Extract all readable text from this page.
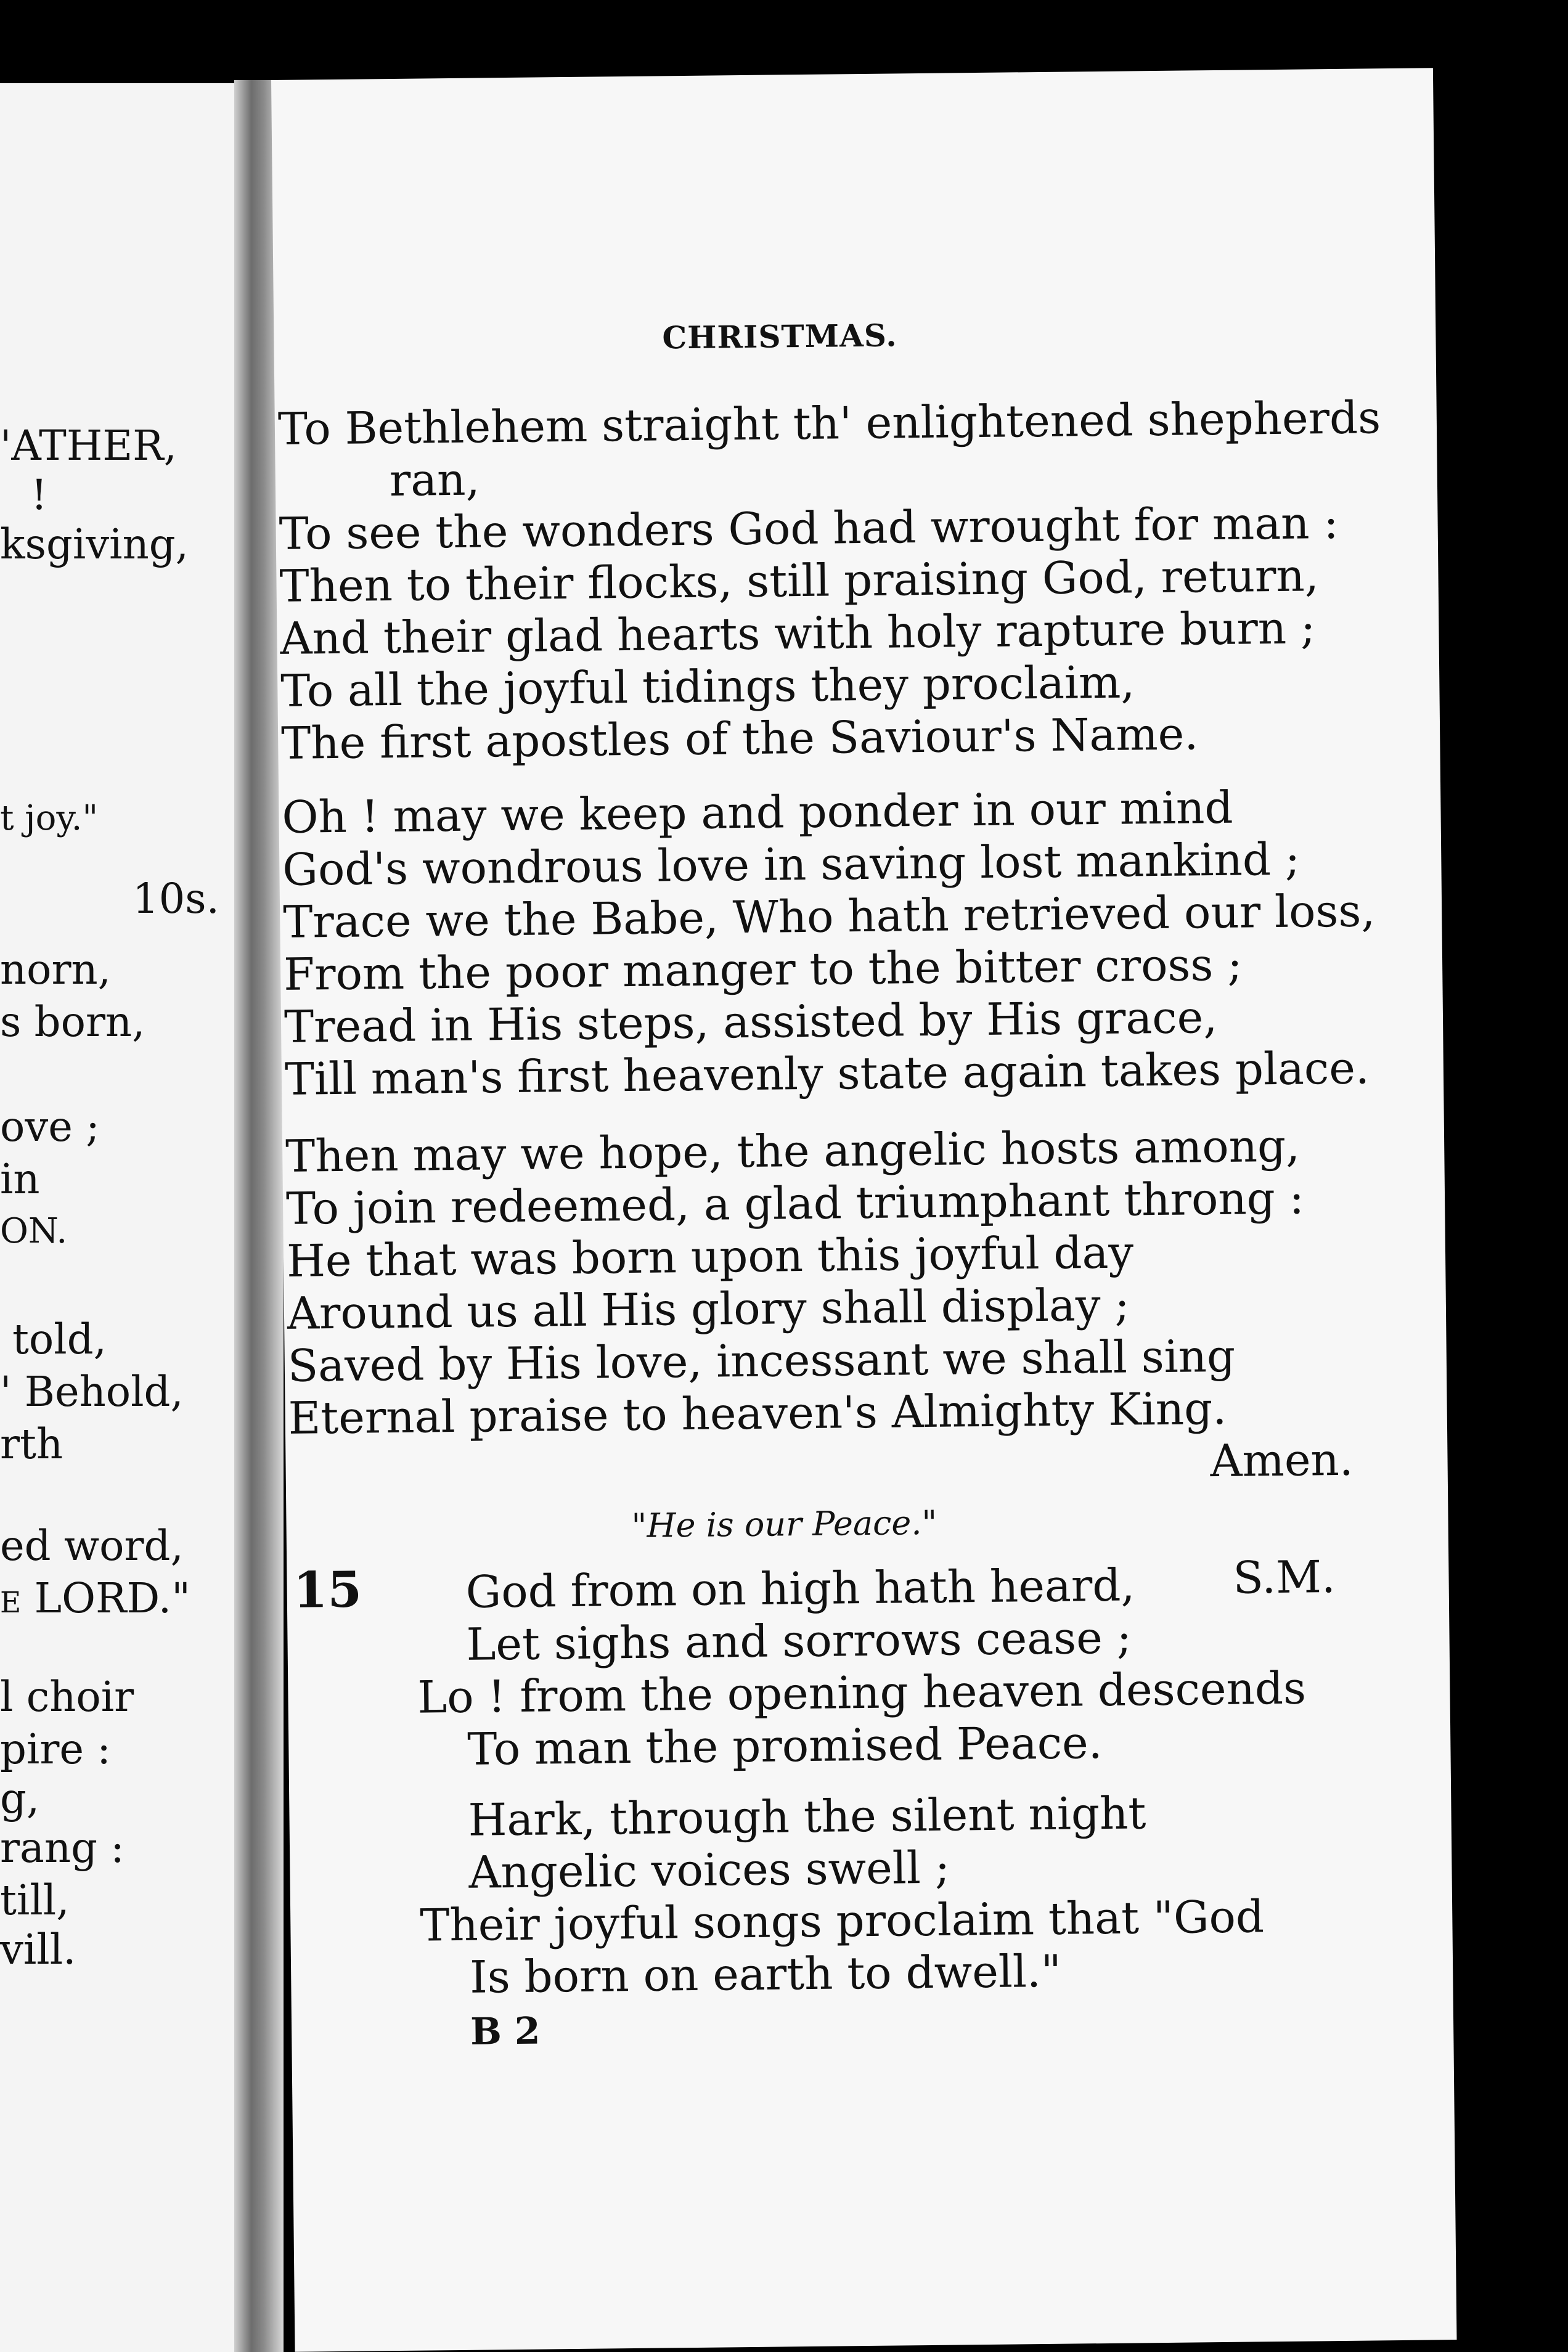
'ATHER,
!
ksgiving,
t joy."
10s.
norn,
s born,
ove ;
in
ON.
told,
' Behold,
rth
ed word,
e LORD."
l choir
pire :
g,
rang :
till,
vill.
CHRISTMAS.
To Bethlehem straight th' enlightened shepherds
ran,
To see the wonders God had wrought for man :
Then to their flocks, still praising God, return,
And their glad hearts with holy rapture burn ;
To all the joyful tidings they proclaim,
The first apostles of the Saviour's Name.
Oh ! may we keep and ponder in our mind
God's wondrous love in saving lost mankind ;
Trace we the Babe, Who hath retrieved our loss,
From the poor manger to the bitter cross ;
Tread in His steps, assisted by His grace,
Till man's first heavenly state again takes place.
Then may we hope, the angelic hosts among,
To join redeemed, a glad triumphant throng :
He that was born upon this joyful day
Around us all His glory shall display ;
Saved by His love, incessant we shall sing
Eternal praise to heaven's Almighty King.
Amen.
"He is our Peace."
15	S.M.
God from on high hath heard,
Let sighs and sorrows cease ;
Lo ! from the opening heaven descends
To man the promised Peace.
Hark, through the silent night
Angelic voices swell ;
Their joyful songs proclaim that "God
Is born on earth to dwell."
B 2
